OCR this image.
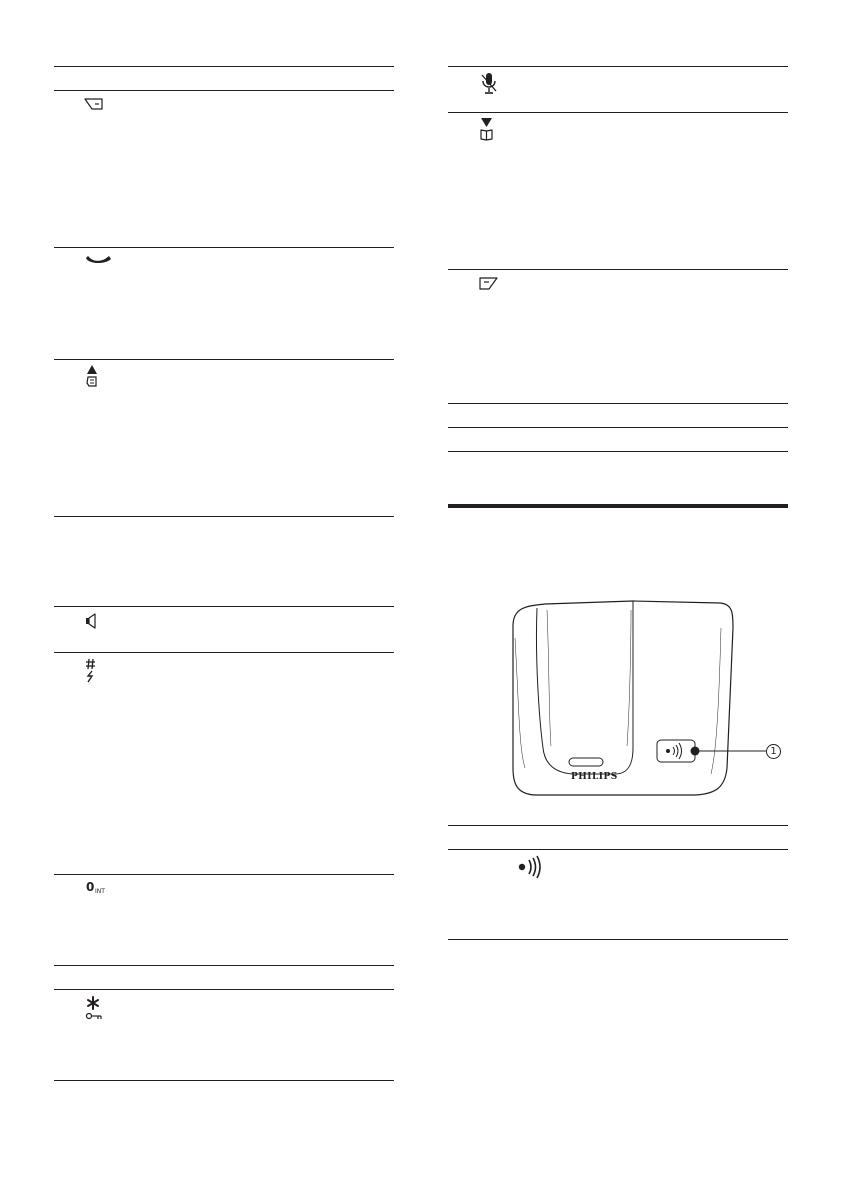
0 INT
PHILIPS
1
